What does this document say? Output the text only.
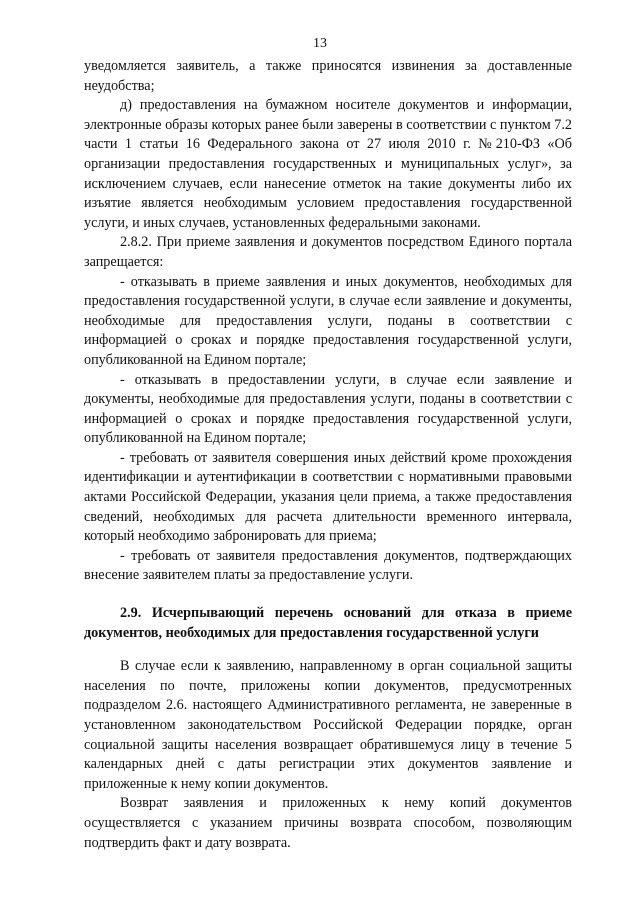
13

уведомляется заявитель, а также приносятся извинения за доставленные неудобства;

д) предоставления на бумажном носителе документов и информации, электронные образы которых ранее были заверены в соответствии с пунктом 7.2 части 1 статьи 16 Федерального закона от 27 июля 2010 г. №210-ФЗ «Об организации предоставления государственных и муниципальных услуг», за исключением случаев, если нанесение отметок на такие документы либо их изъятие является необходимым условием предоставления государственной услуги, и иных случаев, установленных федеральными законами.

2.8.2. При приеме заявления и документов посредством Единого портала запрещается:

- отказывать в приеме заявления и иных документов, необходимых для предоставления государственной услуги, в случае если заявление и документы, необходимые для предоставления услуги, поданы в соответствии с информацией о сроках и порядке предоставления государственной услуги, опубликованной на Едином портале;

- отказывать в предоставлении услуги, в случае если заявление и документы, необходимые для предоставления услуги, поданы в соответствии с информацией о сроках и порядке предоставления государственной услуги, опубликованной на Едином портале;

- требовать от заявителя совершения иных действий кроме прохождения идентификации и аутентификации в соответствии с нормативными правовыми актами Российской Федерации, указания цели приема, а также предоставления сведений, необходимых для расчета длительности временного интервала, который необходимо забронировать для приема;

- требовать от заявителя предоставления документов, подтверждающих внесение заявителем платы за предоставление услуги.

2.9. Исчерпывающий перечень оснований для отказа в приеме документов, необходимых для предоставления государственной услуги

В случае если к заявлению, направленному в орган социальной защиты населения по почте, приложены копии документов, предусмотренных подразделом 2.6. настоящего Административного регламента, не заверенные в установленном законодательством Российской Федерации порядке, орган социальной защиты населения возвращает обратившемуся лицу в течение 5 календарных дней с даты регистрации этих документов заявление и приложенные к нему копии документов.

Возврат заявления и приложенных к нему копий документов осуществляется с указанием причины возврата способом, позволяющим подтвердить факт и дату возврата.
